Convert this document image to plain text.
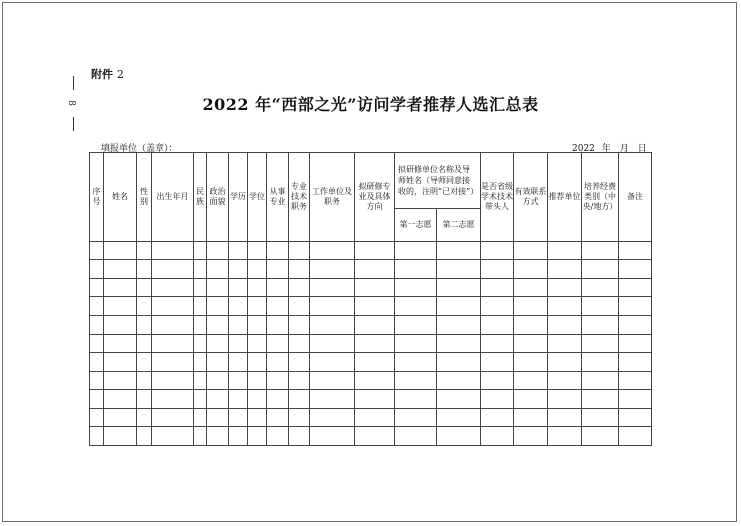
8
附件 2
2022 年“西部之光”访问学者推荐人选汇总表
填报单位（盖章）：	2022 年　月　日
序号	姓名	性别	出生年月	民族	政治面貌	学历	学位	从事专业	专业技术职务	工作单位及职务	拟研修专业及具体方向	拟研修单位名称及导师姓名（导师同意接收的，注明“已对接”）		是否省级学术技术带头人	有效联系方式	推荐单位	培养经费类别（中央/地方）	备注
												第一志愿	第二志愿					
